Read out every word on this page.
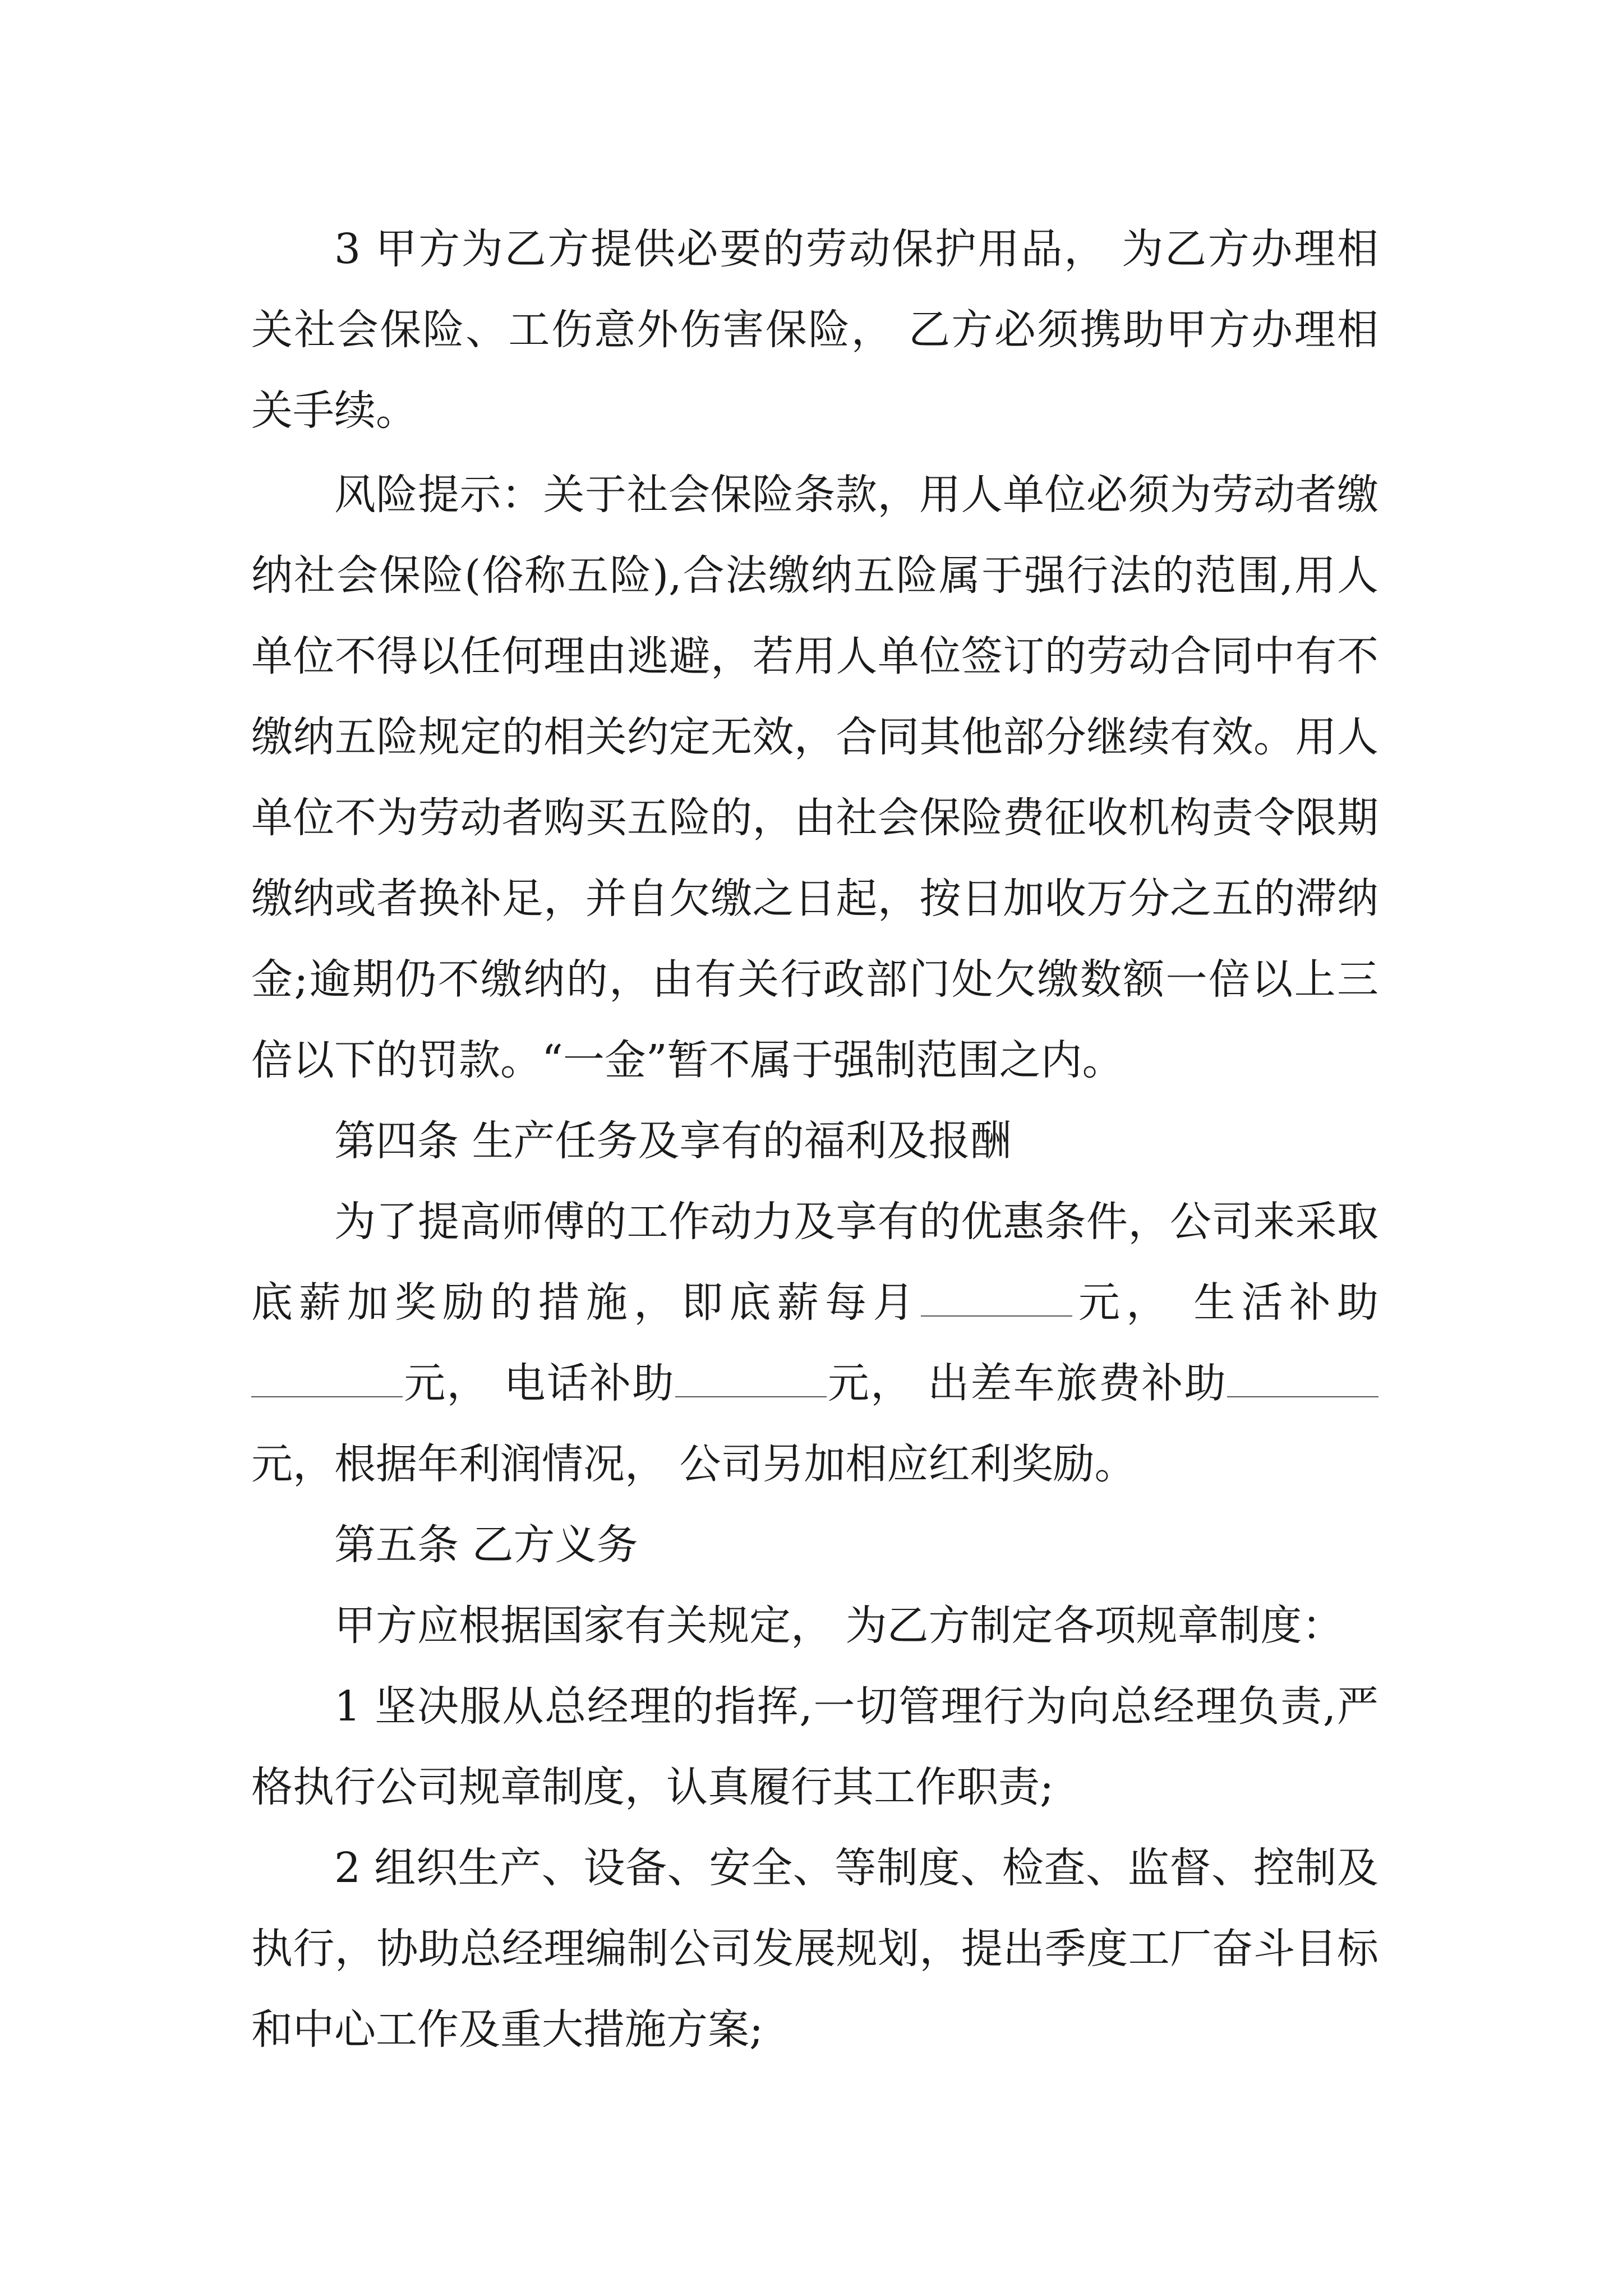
3 甲方为乙方提供必要的劳动保护用品， 为乙方办理相关社会保险、工伤意外伤害保险， 乙方必须携助甲方办理相关手续。

风险提示：关于社会保险条款，用人单位必须为劳动者缴纳社会保险(俗称五险),合法缴纳五险属于强行法的范围,用人单位不得以任何理由逃避，若用人单位签订的劳动合同中有不缴纳五险规定的相关约定无效，合同其他部分继续有效。用人单位不为劳动者购买五险的，由社会保险费征收机构责令限期缴纳或者换补足，并自欠缴之日起，按日加收万分之五的滞纳金;逾期仍不缴纳的，由有关行政部门处欠缴数额一倍以上三倍以下的罚款。“一金”暂不属于强制范围之内。

第四条 生产任务及享有的福利及报酬

为了提高师傅的工作动力及享有的优惠条件，公司来采取底薪加奖励的措施，即底薪每月	元， 生活补助元， 电话补助	元， 出差车旅费补助 元，根据年利润情况， 公司另加相应红利奖励。

第五条 乙方义务

甲方应根据国家有关规定， 为乙方制定各项规章制度：

1 坚决服从总经理的指挥,一切管理行为向总经理负责,严格执行公司规章制度，认真履行其工作职责;

2 组织生产、设备、安全、等制度、检查、监督、控制及执行，协助总经理编制公司发展规划，提出季度工厂奋斗目标和中心工作及重大措施方案;
